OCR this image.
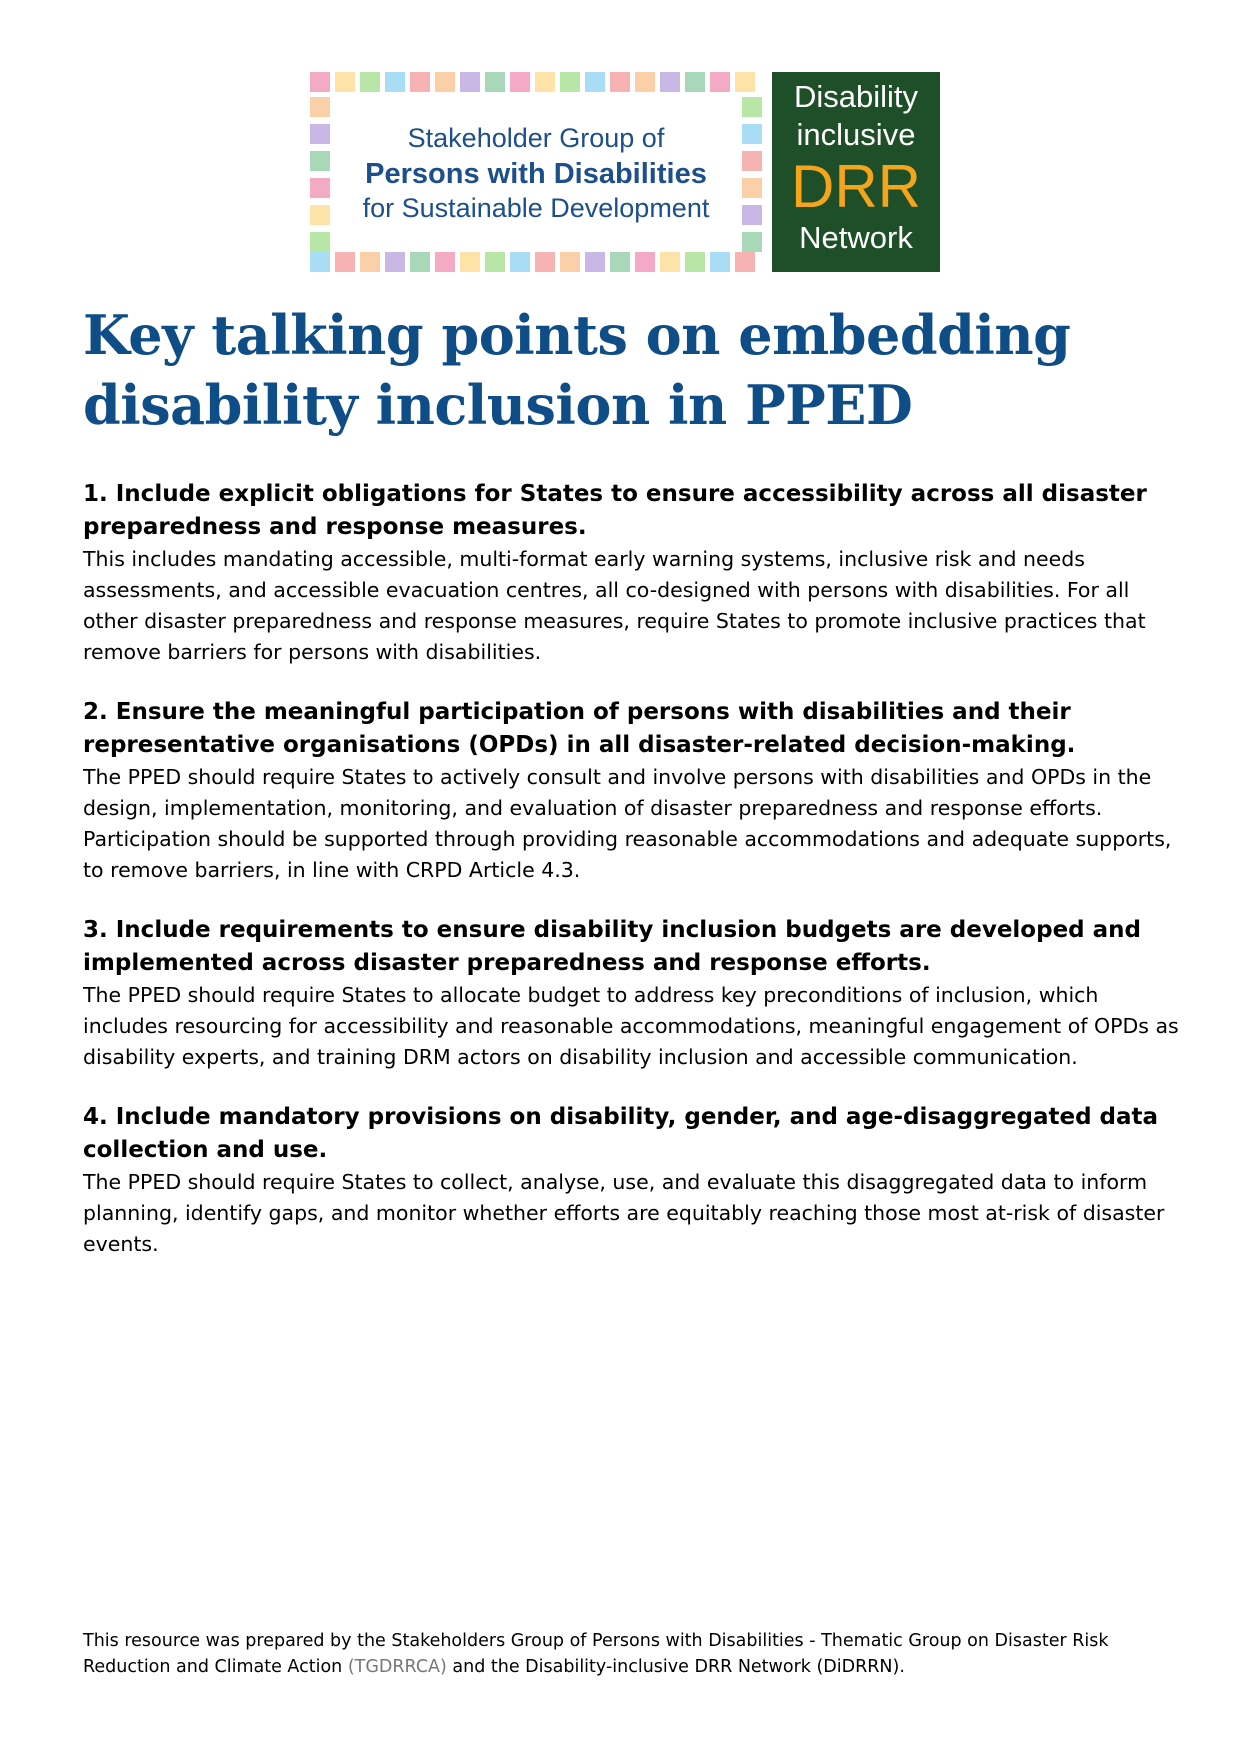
Stakeholder Group of
Persons with Disabilities
for Sustainable Development
Disability
inclusive
DRR
Network
Key talking points on embedding
disability inclusion in PPED

1. Include explicit obligations for States to ensure accessibility across all disaster preparedness and response measures.

This includes mandating accessible, multi-format early warning systems, inclusive risk and needs assessments, and accessible evacuation centres, all co-designed with persons with disabilities. For all other disaster preparedness and response measures, require States to promote inclusive practices that remove barriers for persons with disabilities.

2. Ensure the meaningful participation of persons with disabilities and their representative organisations (OPDs) in all disaster-related decision-making.

The PPED should require States to actively consult and involve persons with disabilities and OPDs in the design, implementation, monitoring, and evaluation of disaster preparedness and response efforts. Participation should be supported through providing reasonable accommodations and adequate supports, to remove barriers, in line with CRPD Article 4.3.

3. Include requirements to ensure disability inclusion budgets are developed and implemented across disaster preparedness and response efforts.

The PPED should require States to allocate budget to address key preconditions of inclusion, which includes resourcing for accessibility and reasonable accommodations, meaningful engagement of OPDs as disability experts, and training DRM actors on disability inclusion and accessible communication.

4. Include mandatory provisions on disability, gender, and age-disaggregated data collection and use.

The PPED should require States to collect, analyse, use, and evaluate this disaggregated data to inform planning, identify gaps, and monitor whether efforts are equitably reaching those most at-risk of disaster events.

This resource was prepared by the Stakeholders Group of Persons with Disabilities - Thematic Group on Disaster Risk Reduction and Climate Action (TGDRRCA) and the Disability-inclusive DRR Network (DiDRRN).
